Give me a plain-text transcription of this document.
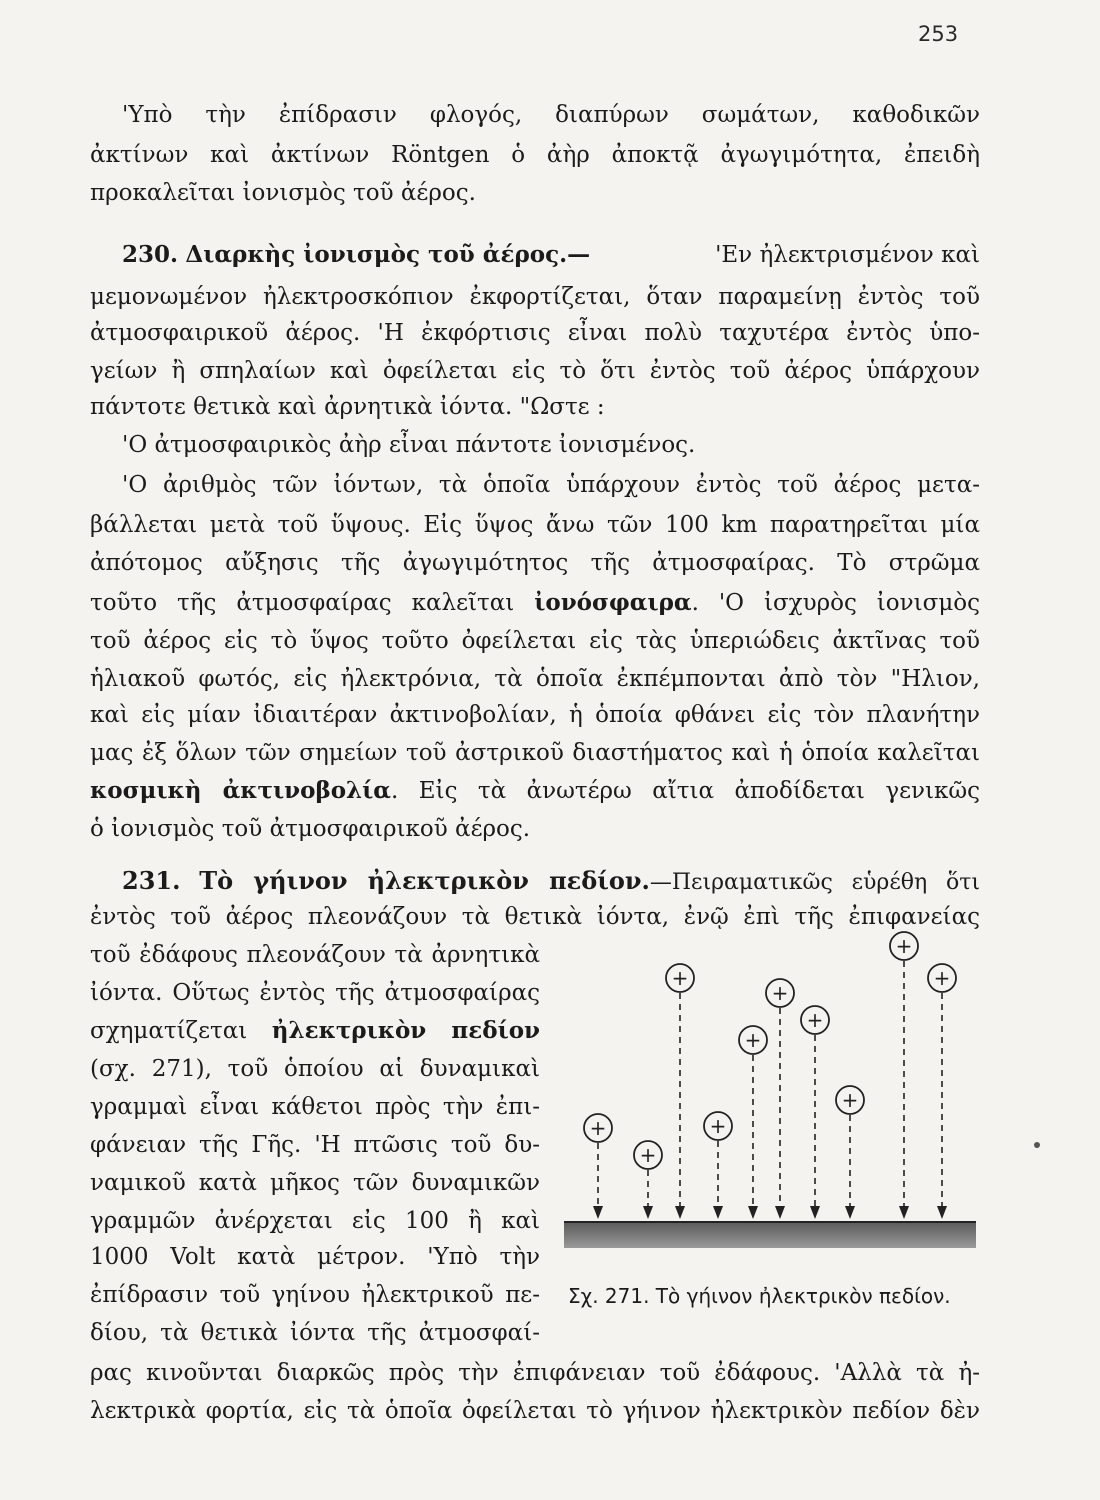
253
'Υπὸ τὴν ἐπίδρασιν φλογός, διαπύρων σωμάτων, καθοδικῶν
ἀκτίνων καὶ ἀκτίνων Röntgen ὁ ἀὴρ ἀποκτᾷ ἀγωγιμότητα, ἐπειδὴ
προκαλεῖται ἰονισμὸς τοῦ ἀέρος.
230. Διαρκὴς ἰονισμὸς τοῦ ἀέρος.—	'Εν ἠλεκτρισμένον καὶ
μεμονωμένον ἠλεκτροσκόπιον ἐκφορτίζεται, ὅταν παραμείνῃ ἐντὸς τοῦ
ἀτμοσφαιρικοῦ ἀέρος. 'Η ἐκφόρτισις εἶναι πολὺ ταχυτέρα ἐντὸς ὑπο-
γείων ἢ σπηλαίων καὶ ὀφείλεται εἰς τὸ ὅτι ἐντὸς τοῦ ἀέρος ὑπάρχουν
πάντοτε θετικὰ καὶ ἀρνητικὰ ἰόντα. "Ωστε :
'Ο ἀτμοσφαιρικὸς ἀὴρ εἶναι πάντοτε ἰονισμένος.
'Ο ἀριθμὸς τῶν ἰόντων, τὰ ὁποῖα ὑπάρχουν ἐντὸς τοῦ ἀέρος μετα-
βάλλεται μετὰ τοῦ ὕψους. Εἰς ὕψος ἄνω τῶν 100 km παρατηρεῖται μία
ἀπότομος αὔξησις τῆς ἀγωγιμότητος τῆς ἀτμοσφαίρας. Τὸ στρῶμα
τοῦτο τῆς ἀτμοσφαίρας καλεῖται ἰονόσφαιρα. 'Ο ἰσχυρὸς ἰονισμὸς
τοῦ ἀέρος εἰς τὸ ὕψος τοῦτο ὀφείλεται εἰς τὰς ὑπεριώδεις ἀκτῖνας τοῦ
ἡλιακοῦ φωτός, εἰς ἠλεκτρόνια, τὰ ὁποῖα ἐκπέμπονται ἀπὸ τὸν "Ηλιον,
καὶ εἰς μίαν ἰδιαιτέραν ἀκτινοβολίαν, ἡ ὁποία φθάνει εἰς τὸν πλανήτην
μας ἐξ ὅλων τῶν σημείων τοῦ ἀστρικοῦ διαστήματος καὶ ἡ ὁποία καλεῖται
κοσμικὴ ἀκτινοβολία. Εἰς τὰ ἀνωτέρω αἴτια ἀποδίδεται γενικῶς
ὁ ἰονισμὸς τοῦ ἀτμοσφαιρικοῦ ἀέρος.
231. Τὸ γήινον ἠλεκτρικὸν πεδίον.—Πειραματικῶς εὑρέθη ὅτι
ἐντὸς τοῦ ἀέρος πλεονάζουν τὰ θετικὰ ἰόντα, ἐνῷ ἐπὶ τῆς ἐπιφανείας
τοῦ ἐδάφους πλεονάζουν τὰ ἀρνητικὰ
ἰόντα. Οὕτως ἐντὸς τῆς ἀτμοσφαίρας
σχηματίζεται ἠλεκτρικὸν πεδίον
(σχ. 271), τοῦ ὁποίου αἱ δυναμικαὶ
γραμμαὶ εἶναι κάθετοι πρὸς τὴν ἐπι-
φάνειαν τῆς Γῆς. 'Η πτῶσις τοῦ δυ-
ναμικοῦ κατὰ μῆκος τῶν δυναμικῶν
γραμμῶν ἀνέρχεται εἰς 100 ἢ καὶ
1000 Volt κατὰ μέτρον. 'Υπὸ τὴν
ἐπίδρασιν τοῦ γηίνου ἠλεκτρικοῦ πε-
δίου, τὰ θετικὰ ἰόντα τῆς ἀτμοσφαί-
ρας κινοῦνται διαρκῶς πρὸς τὴν ἐπιφάνειαν τοῦ ἐδάφους. 'Αλλὰ τὰ ἠ-
λεκτρικὰ φορτία, εἰς τὰ ὁποῖα ὀφείλεται τὸ γήινον ἠλεκτρικὸν πεδίον δὲν
+
+
+
+
+
+
+
+
+
+
Σχ. 271. Τὸ γήινον ἠλεκτρικὸν πεδίον.
